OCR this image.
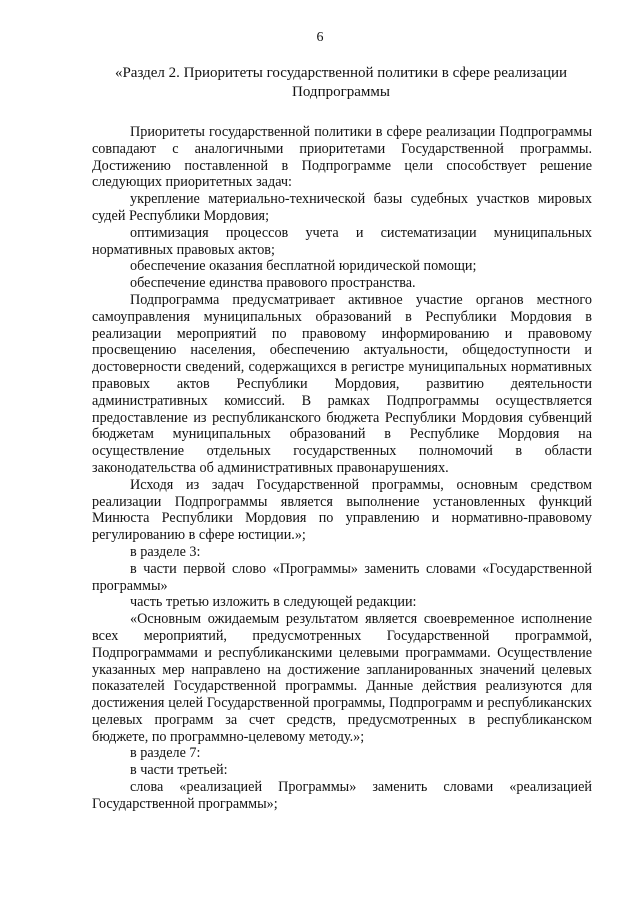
6
«Раздел 2. Приоритеты государственной политики в сфере реализации Подпрограммы

Приоритеты государственной политики в сфере реализации Подпрограммы совпадают с аналогичными приоритетами Государственной программы. Достижению поставленной в Подпрограмме цели способствует решение следующих приоритетных задач:

укрепление материально-технической базы судебных участков мировых судей Республики Мордовия;

оптимизация процессов учета и систематизации муниципальных нормативных правовых актов;

обеспечение оказания бесплатной юридической помощи;

обеспечение единства правового пространства.

Подпрограмма предусматривает активное участие органов местного самоуправления муниципальных образований в Республики Мордовия в реализации мероприятий по правовому информированию и правовому просвещению населения, обеспечению актуальности, общедоступности и достоверности сведений, содержащихся в регистре муниципальных нормативных правовых актов Республики Мордовия, развитию деятельности административных комиссий. В рамках Подпрограммы осуществляется предоставление из республиканского бюджета Республики Мордовия субвенций бюджетам муниципальных образований в Республике Мордовия на осуществление отдельных государственных полномочий в области законодательства об административных правонарушениях.

Исходя из задач Государственной программы, основным средством реализации Подпрограммы является выполнение установленных функций Минюста Республики Мордовия по управлению и нормативно-правовому регулированию в сфере юстиции.»;

в разделе 3:

в части первой слово «Программы» заменить словами «Государственной программы»

часть третью изложить в следующей редакции:

«Основным ожидаемым результатом является своевременное исполнение всех мероприятий, предусмотренных Государственной программой, Подпрограммами и республиканскими целевыми программами. Осуществление указанных мер направлено на достижение запланированных значений целевых показателей Государственной программы. Данные действия реализуются для достижения целей Государственной программы, Подпрограмм и республиканских целевых программ за счет средств, предусмотренных в республиканском бюджете, по программно-целевому методу.»;

в разделе 7:

в части третьей:

слова «реализацией Программы» заменить словами «реализацией Государственной программы»;
